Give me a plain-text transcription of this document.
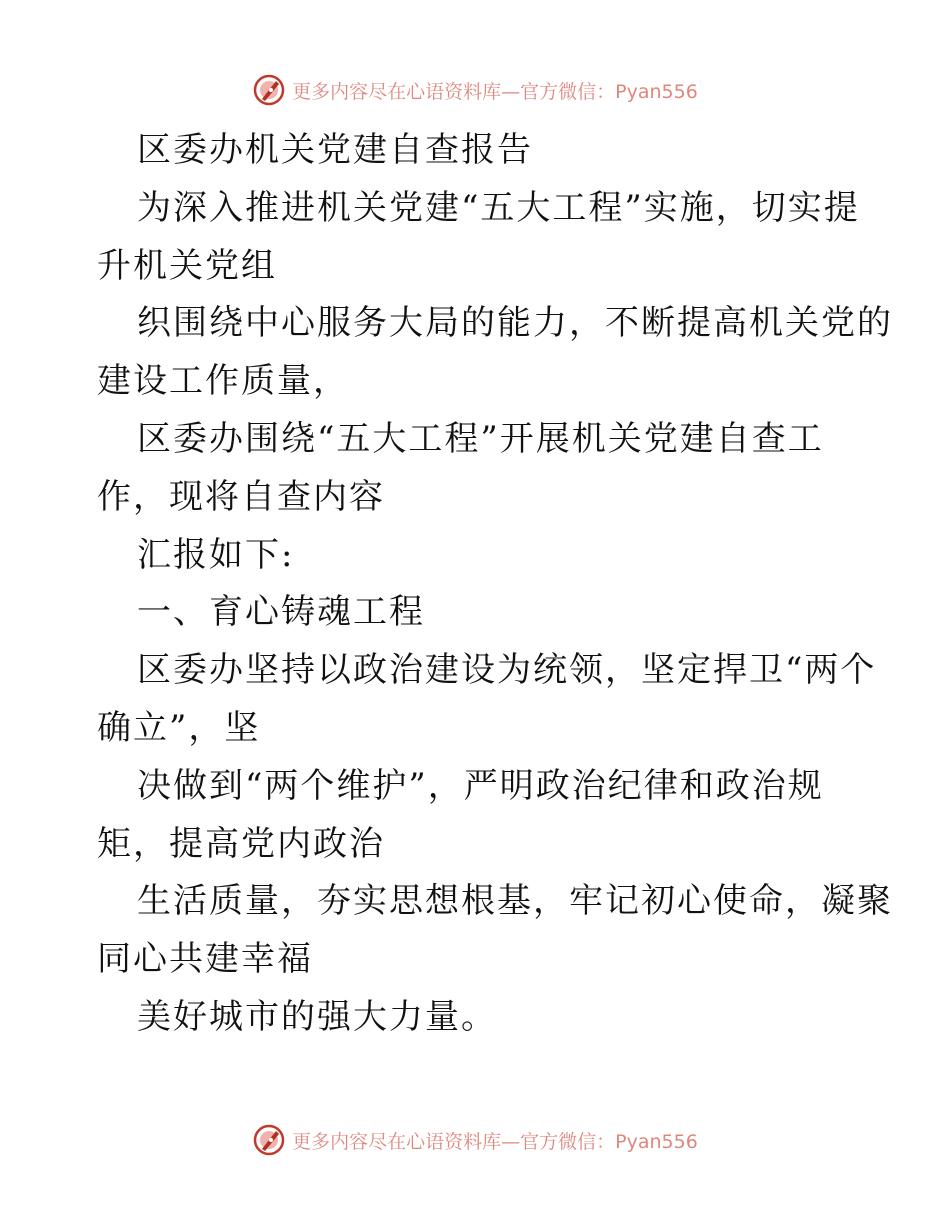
更多内容尽在心语资料库—官方微信：Pyan556
区委办机关党建自查报告
为深入推进机关党建“五大工程”实施，切实提
升机关党组
织围绕中心服务大局的能力，不断提高机关党的
建设工作质量，
区委办围绕“五大工程”开展机关党建自查工
作，现将自查内容
汇报如下:
一、育心铸魂工程
区委办坚持以政治建设为统领，坚定捍卫“两个
确立”，坚
决做到“两个维护”，严明政治纪律和政治规
矩，提高党内政治
生活质量，夯实思想根基，牢记初心使命，凝聚
同心共建幸福
美好城市的强大力量。
更多内容尽在心语资料库—官方微信：Pyan556
